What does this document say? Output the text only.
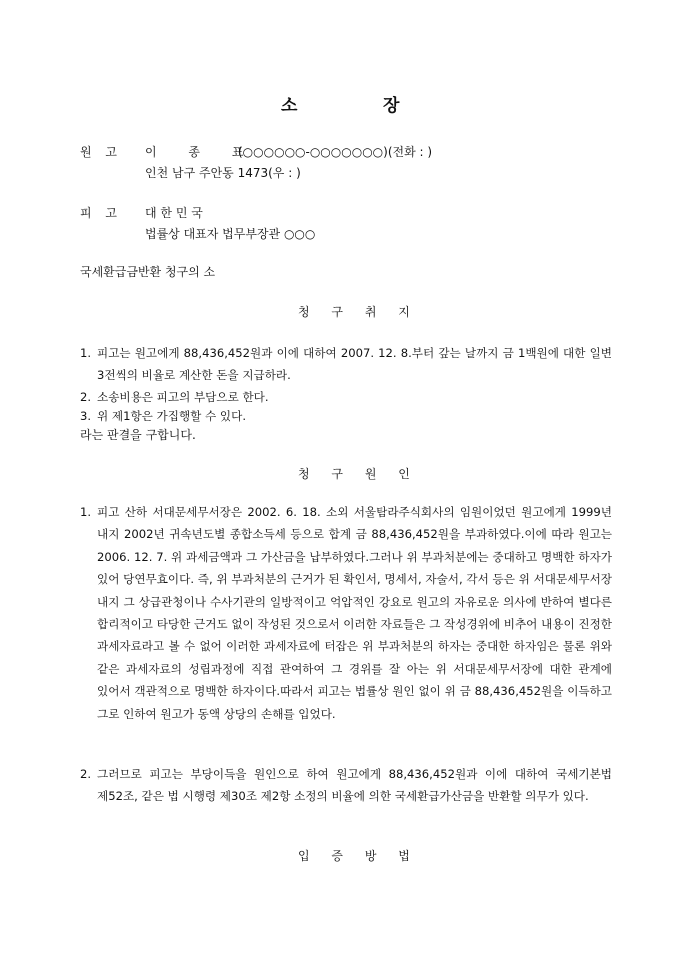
소	장
원 고 이 종 표
(○○○○○○-○○○○○○○)(전화 : )
인천 남구 주안동 1473(우 : )
피 고 대 한 민 국
법률상 대표자 법무부장관 ○○○
국세환급금반환 청구의 소
청 구 취 지
1. 피고는 원고에게 88,436,452원과 이에 대하여 2007. 12. 8.부터 갚는 날까지 금 1백원에 대한 일변 3전씩의 비율로 계산한 돈을 지급하라.
2. 소송비용은 피고의 부담으로 한다.
3. 위 제1항은 가집행할 수 있다.
라는 판결을 구합니다.
청 구 원 인
1. 피고 산하 서대문세무서장은 2002. 6. 18. 소외 서울탐라주식회사의 임원이었던 원고에게 1999년 내지 2002년 귀속년도별 종합소득세 등으로 합계 금 88,436,452원을 부과하였다.이에 따라 원고는 2006. 12. 7. 위 과세금액과 그 가산금을 납부하였다.그러나 위 부과처분에는 중대하고 명백한 하자가 있어 당연무효이다. 즉, 위 부과처분의 근거가 된 확인서, 명세서, 자술서, 각서 등은 위 서대문세무서장 내지 그 상급관청이나 수사기관의 일방적이고 억압적인 강요로 원고의 자유로운 의사에 반하여 별다른 합리적이고 타당한 근거도 없이 작성된 것으로서 이러한 자료들은 그 작성경위에 비추어 내용이 진정한 과세자료라고 볼 수 없어 이러한 과세자료에 터잡은 위 부과처분의 하자는 중대한 하자임은 물론 위와 같은 과세자료의 성립과정에 직접 관여하여 그 경위를 잘 아는 위 서대문세무서장에 대한 관계에 있어서 객관적으로 명백한 하자이다.따라서 피고는 법률상 원인 없이 위 금 88,436,452원을 이득하고 그로 인하여 원고가 동액 상당의 손해를 입었다.
2. 그러므로 피고는 부당이득을 원인으로 하여 원고에게 88,436,452원과 이에 대하여 국세기본법 제52조, 같은 법 시행령 제30조 제2항 소정의 비율에 의한 국세환급가산금을 반환할 의무가 있다.
입 증 방 법
